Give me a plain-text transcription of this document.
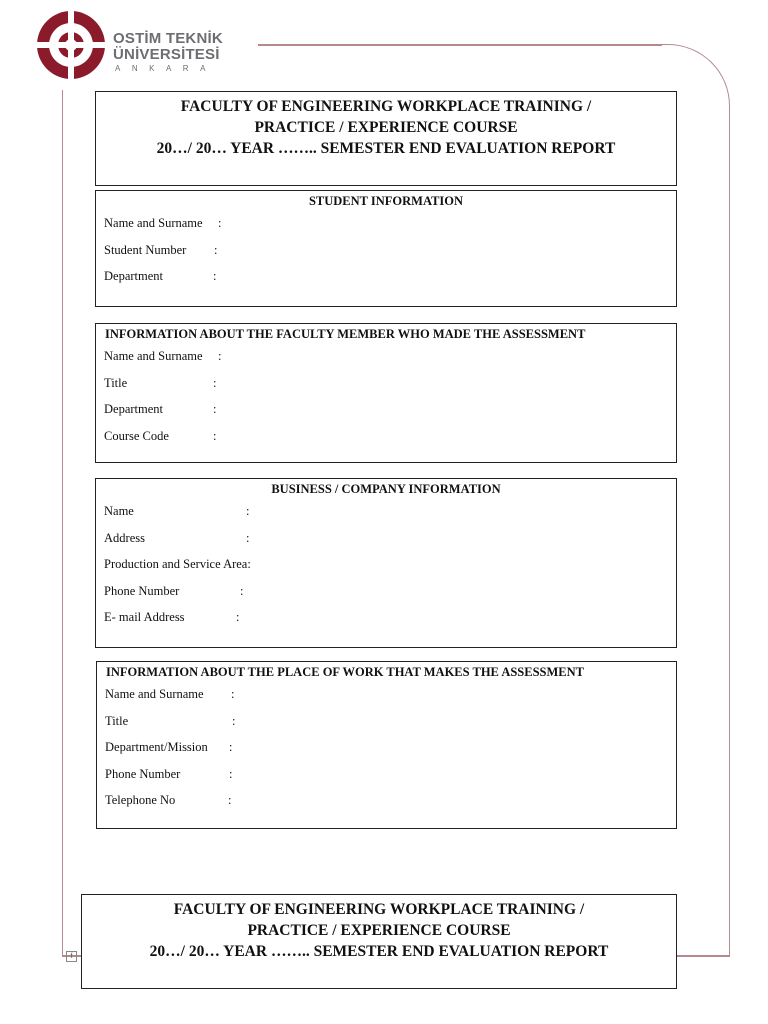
OSTİM TEKNİK
ÜNİVERSİTESİ
ANKARA
FACULTY OF ENGINEERING WORKPLACE TRAINING /
PRACTICE / EXPERIENCE COURSE
20…/ 20… YEAR …….. SEMESTER END EVALUATION REPORT
STUDENT INFORMATION
Name and Surname :
Student Number :
Department	:
INFORMATION ABOUT THE FACULTY MEMBER WHO MADE THE ASSESSMENT
Name and Surname :
Title	:
Department	:
Course Code	:
BUSINESS / COMPANY INFORMATION
Name	:
Address	:
Production and Service Area:
Phone Number	:
E- mail Address	:
INFORMATION ABOUT THE PLACE OF WORK THAT MAKES THE ASSESSMENT
Name and Surname :
Title	:
Department/Mission :
Phone Number	:
Telephone No	:
f
FACULTY OF ENGINEERING WORKPLACE TRAINING /
PRACTICE / EXPERIENCE COURSE
20…/ 20… YEAR …….. SEMESTER END EVALUATION REPORT
